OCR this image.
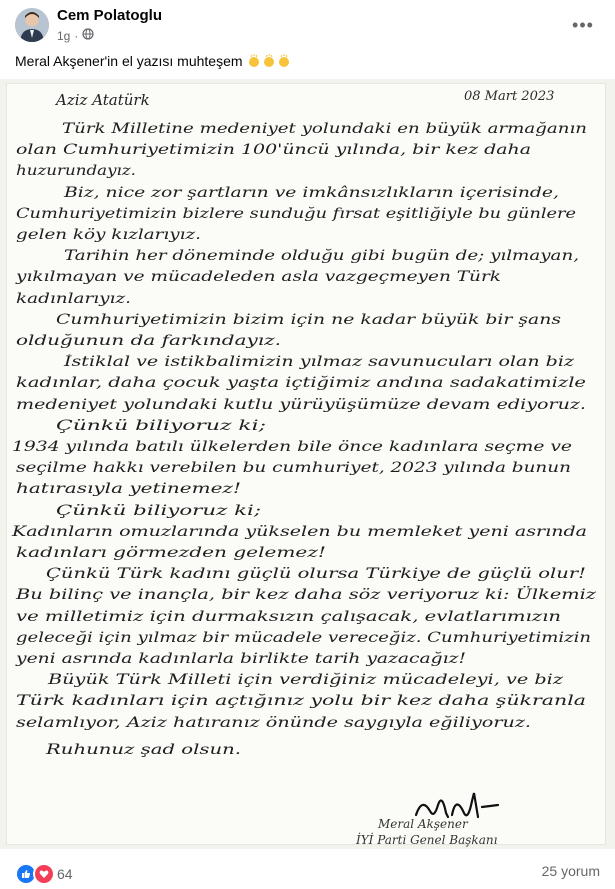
Cem Polatoglu
1g ·
•••
Meral Akşener'in el yazısı muhteşem
Aziz Atatürk	08 Mart 2023
Türk Milletine medeniyet yolundaki en büyük armağanın
olan Cumhuriyetimizin 100'üncü yılında, bir kez daha
huzurundayız.
Biz, nice zor şartların ve imkânsızlıkların içerisinde,
Cumhuriyetimizin bizlere sunduğu fırsat eşitliğiyle bu günlere
gelen köy kızlarıyız.
Tarihin her döneminde olduğu gibi bugün de; yılmayan,
yıkılmayan ve mücadeleden asla vazgeçmeyen Türk
kadınlarıyız.
Cumhuriyetimizin bizim için ne kadar büyük bir şans
olduğunun da farkındayız.
İstiklal ve istikbalimizin yılmaz savunucuları olan biz
kadınlar, daha çocuk yaşta içtiğimiz andına sadakatimizle
medeniyet yolundaki kutlu yürüyüşümüze devam ediyoruz.
Çünkü biliyoruz ki;
1934 yılında batılı ülkelerden bile önce kadınlara seçme ve
seçilme hakkı verebilen bu cumhuriyet, 2023 yılında bunun
hatırasıyla yetinemez!
Çünkü biliyoruz ki;
Kadınların omuzlarında yükselen bu memleket yeni asrında
kadınları görmezden gelemez!
Çünkü Türk kadını güçlü olursa Türkiye de güçlü olur!
Bu bilinç ve inançla, bir kez daha söz veriyoruz ki: Ülkemiz
ve milletimiz için durmaksızın çalışacak, evlatlarımızın
geleceği için yılmaz bir mücadele vereceğiz. Cumhuriyetimizin
yeni asrında kadınlarla birlikte tarih yazacağız!
Büyük Türk Milleti için verdiğiniz mücadeleyi, ve biz
Türk kadınları için açtığınız yolu bir kez daha şükranla
selamlıyor, Aziz hatıranız önünde saygıyla eğiliyoruz.
Ruhunuz şad olsun.
Meral Akşener
İYİ Parti Genel Başkanı
64	25 yorum
